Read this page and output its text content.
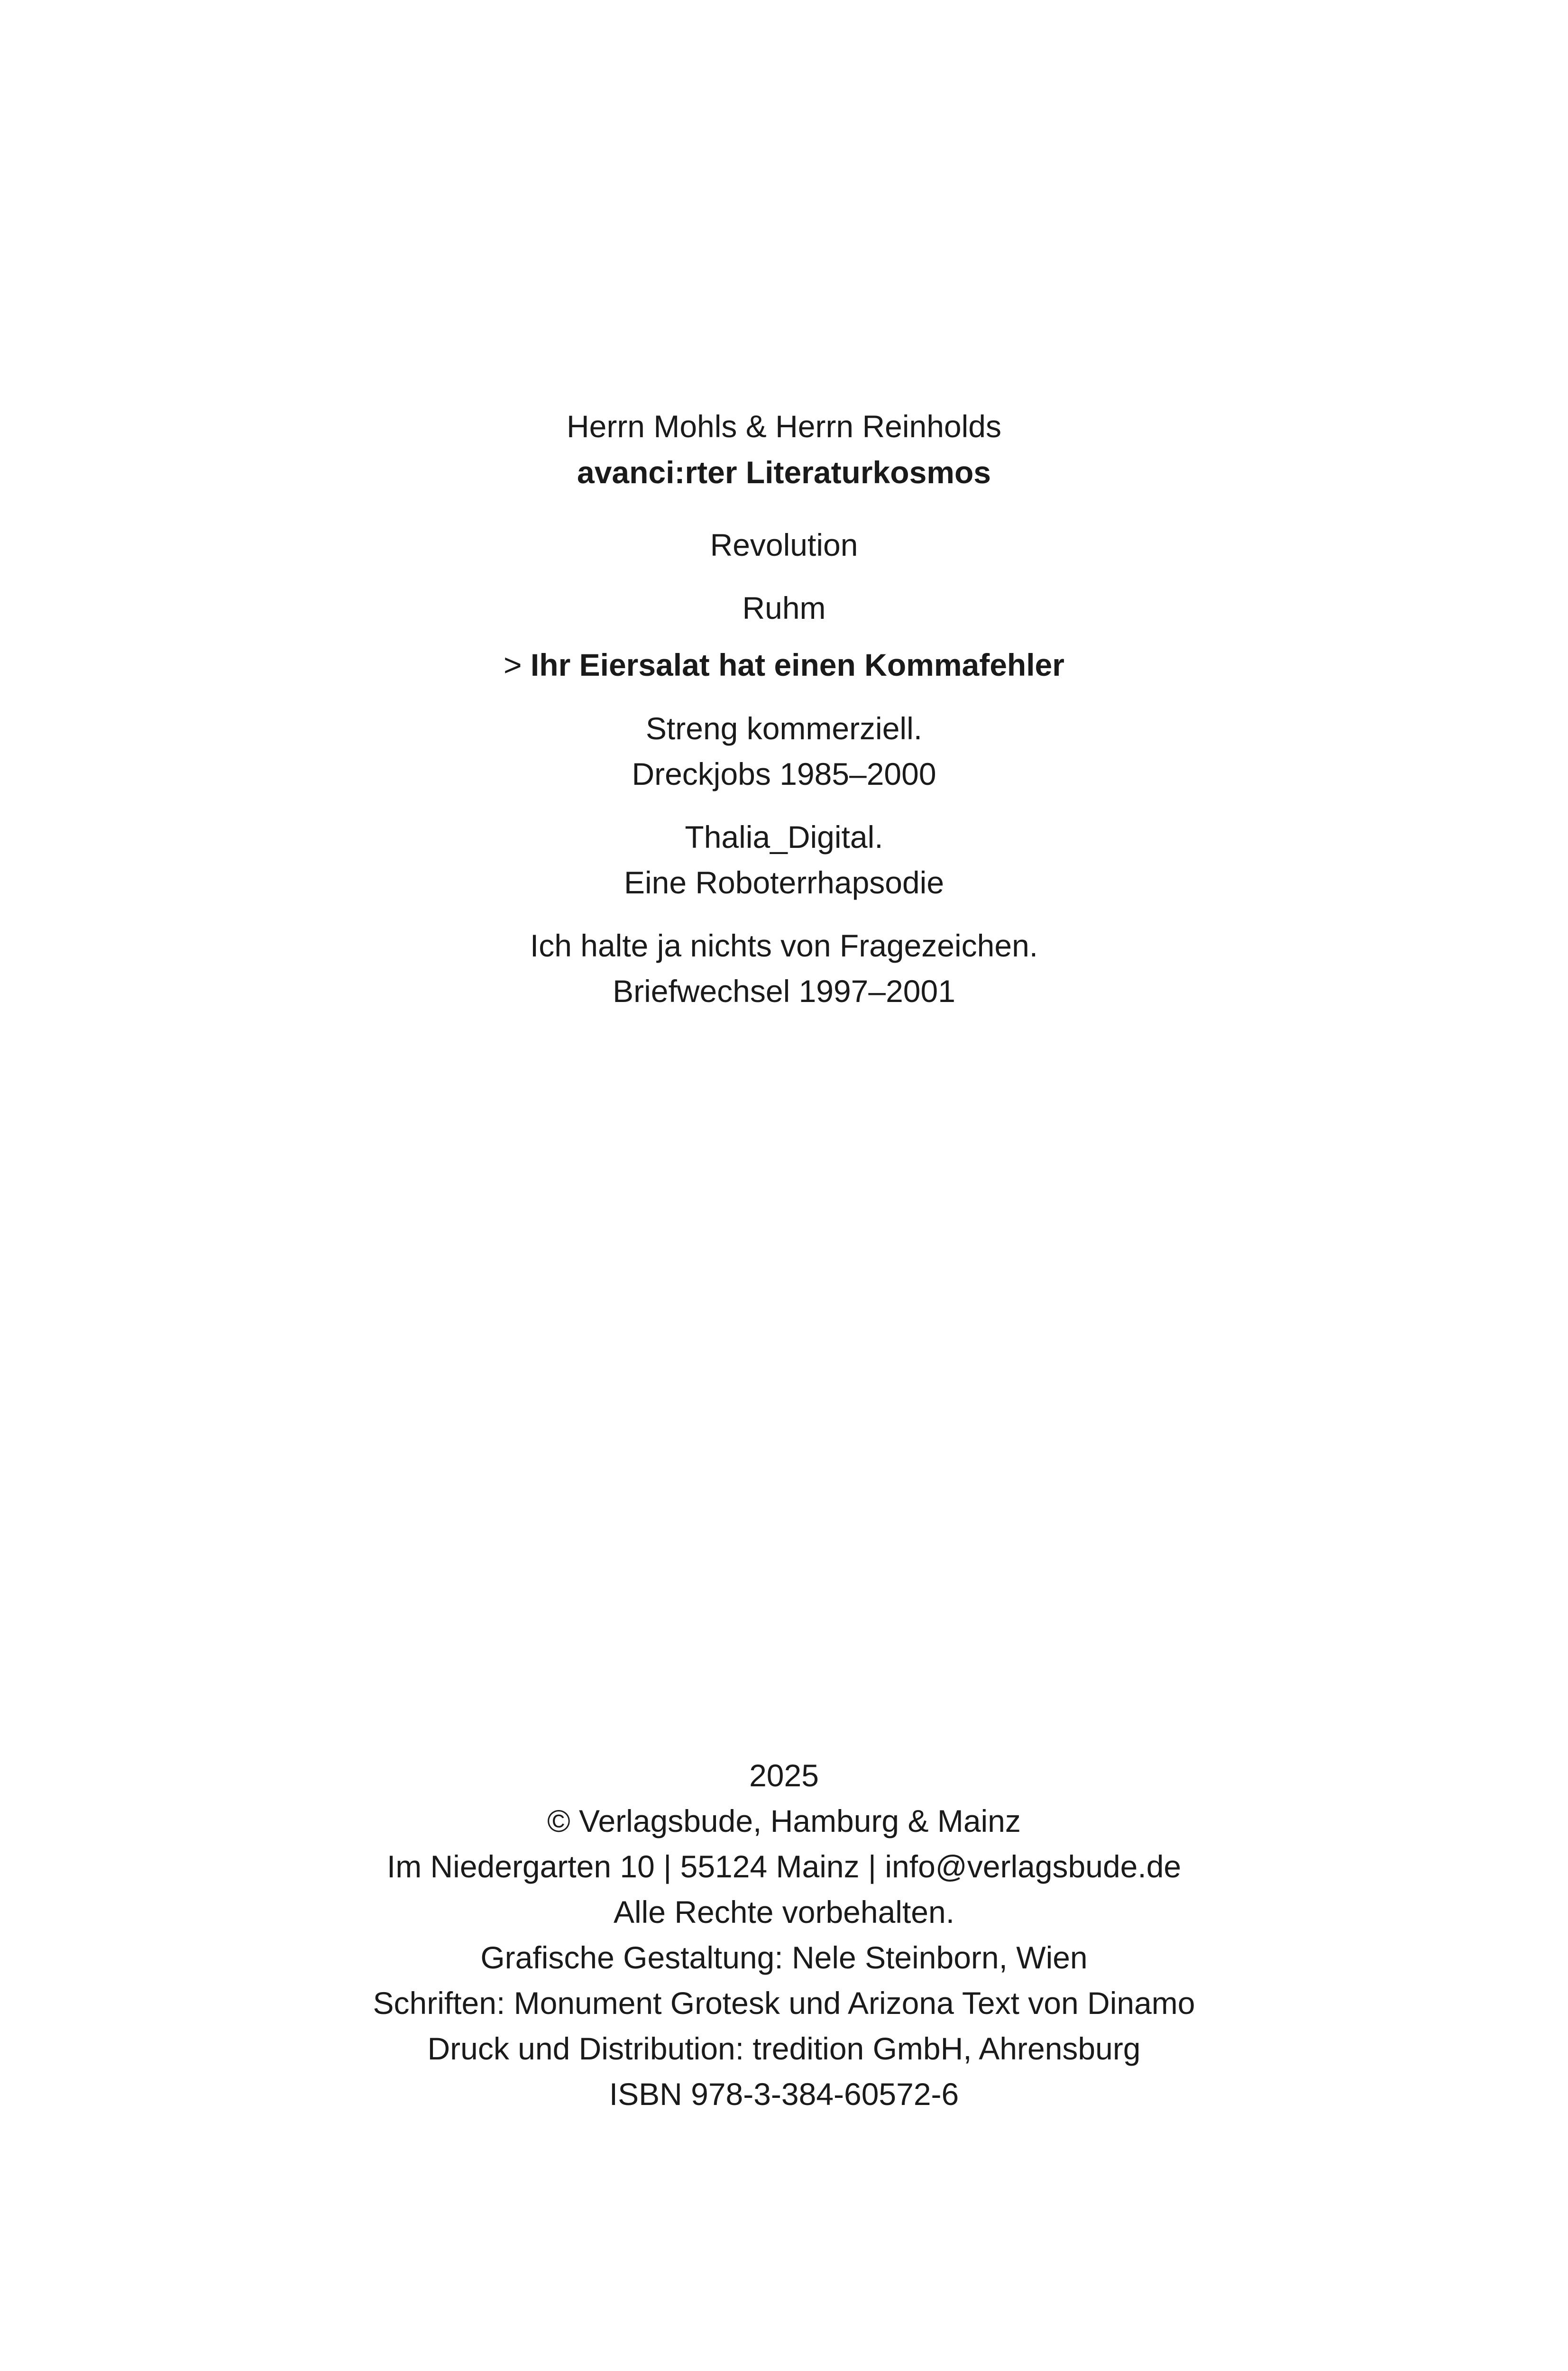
Herrn Mohls & Herrn Reinholds

avanci:rter Literaturkosmos

Revolution

Ruhm

> Ihr Eiersalat hat einen Kommafehler

Streng kommerziell.

Dreckjobs 1985–2000

Thalia_Digital.

Eine Roboterrhapsodie

Ich halte ja nichts von Fragezeichen.

Briefwechsel 1997–2001

2025

© Verlagsbude, Hamburg & Mainz

Im Niedergarten 10 | 55124 Mainz | info@verlagsbude.de

Alle Rechte vorbehalten.

Grafische Gestaltung: Nele Steinborn, Wien

Schriften: Monument Grotesk und Arizona Text von Dinamo

Druck und Distribution: tredition GmbH, Ahrensburg

ISBN 978-3-384-60572-6
